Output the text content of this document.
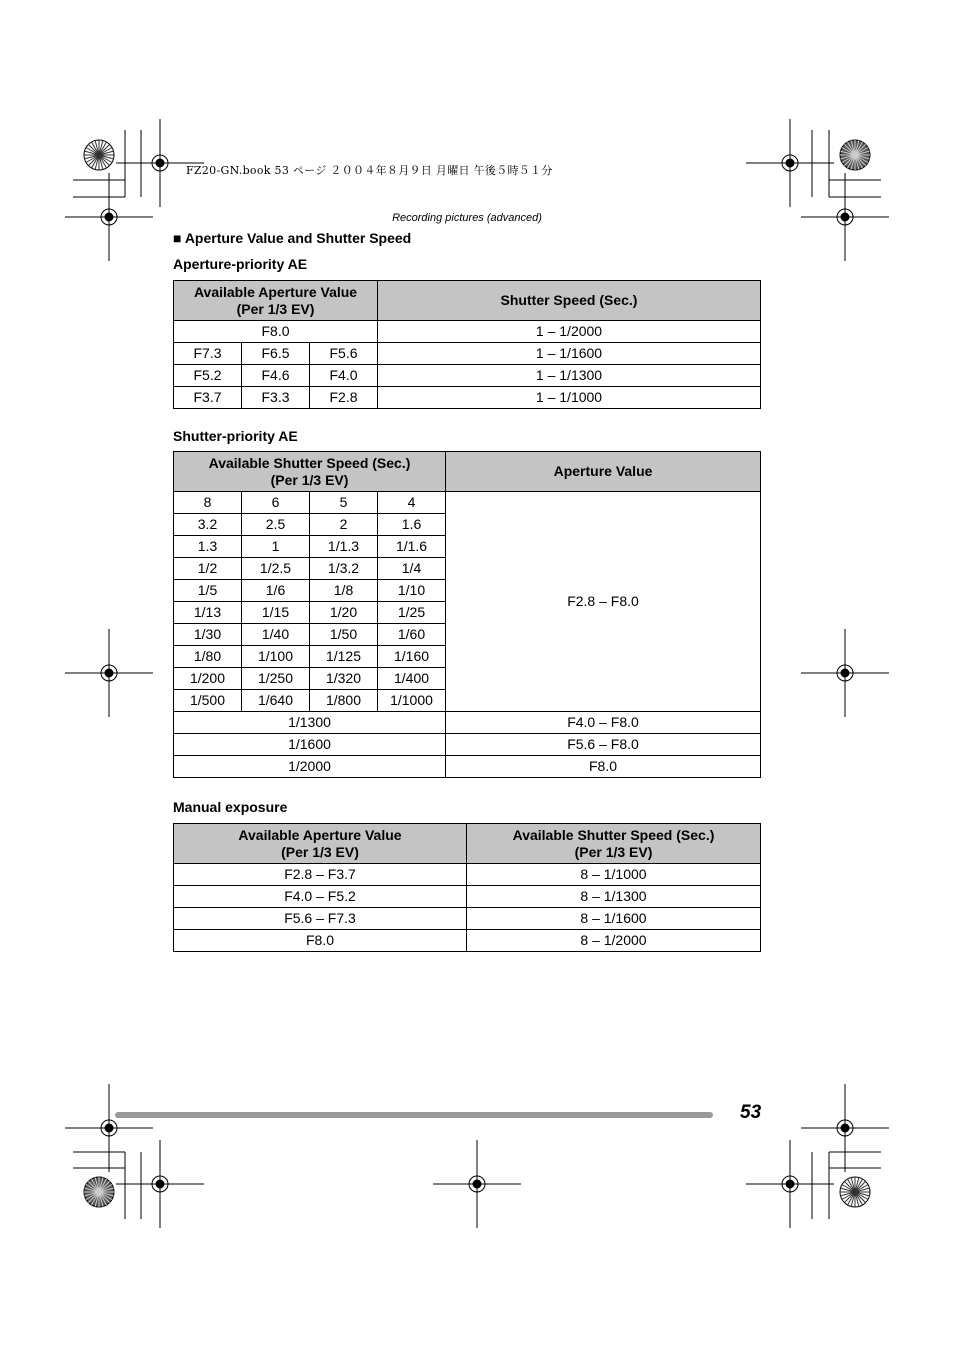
FZ20-GN.book 53 ページ ２００４年８月９日 月曜日 午後５時５１分
Recording pictures (advanced)
■ Aperture Value and Shutter Speed
Aperture-priority AE
Available Aperture Value
(Per 1/3 EV)			Shutter Speed (Sec.)
F8.0			1 – 1/2000
F7.3	F6.5	F5.6	1 – 1/1600
F5.2	F4.6	F4.0	1 – 1/1300
F3.7	F3.3	F2.8	1 – 1/1000
Shutter-priority AE
Available Shutter Speed (Sec.)
(Per 1/3 EV)				Aperture Value
8	6	5	4	F2.8 – F8.0
3.2	2.5	2	1.6	
1.3	1	1/1.3	1/1.6	
1/2	1/2.5	1/3.2	1/4	
1/5	1/6	1/8	1/10	
1/13	1/15	1/20	1/25	
1/30	1/40	1/50	1/60	
1/80	1/100	1/125	1/160	
1/200	1/250	1/320	1/400	
1/500	1/640	1/800	1/1000	
1/1300				F4.0 – F8.0
1/1600				F5.6 – F8.0
1/2000				F8.0
Manual exposure
Available Aperture Value
(Per 1/3 EV)	Available Shutter Speed (Sec.)
(Per 1/3 EV)
F2.8 – F3.7	8 – 1/1000
F4.0 – F5.2	8 – 1/1300
F5.6 – F7.3	8 – 1/1600
F8.0	8 – 1/2000
53
